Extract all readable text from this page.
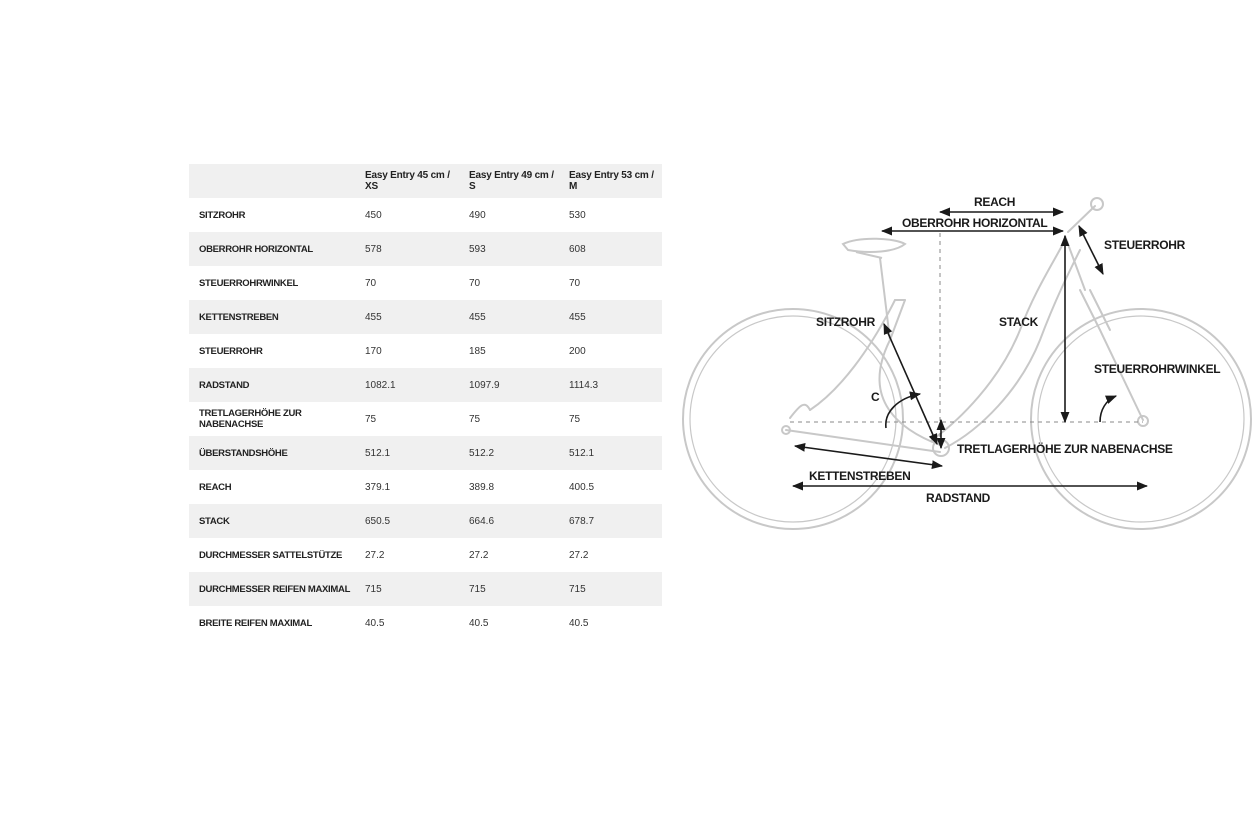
	Easy Entry 45 cm / XS	Easy Entry 49 cm / S	Easy Entry 53 cm / M
SITZROHR	450	490	530
OBERROHR HORIZONTAL	578	593	608
STEUERROHRWINKEL	70	70	70
KETTENSTREBEN	455	455	455
STEUERROHR	170	185	200
RADSTAND	1082.1	1097.9	1114.3
TRETLAGERHÖHE ZUR NABENACHSE	75	75	75
ÜBERSTANDSHÖHE	512.1	512.2	512.1
REACH	379.1	389.8	400.5
STACK	650.5	664.6	678.7
DURCHMESSER SATTELSTÜTZE	27.2	27.2	27.2
DURCHMESSER REIFEN MAXIMAL	715	715	715
BREITE REIFEN MAXIMAL	40.5	40.5	40.5
REACH
OBERROHR HORIZONTAL
STEUERROHR
SITZROHR	STACK
STEUERROHRWINKEL
C
TRETLAGERHÖHE ZUR NABENACHSE
KETTENSTREBEN
RADSTAND
